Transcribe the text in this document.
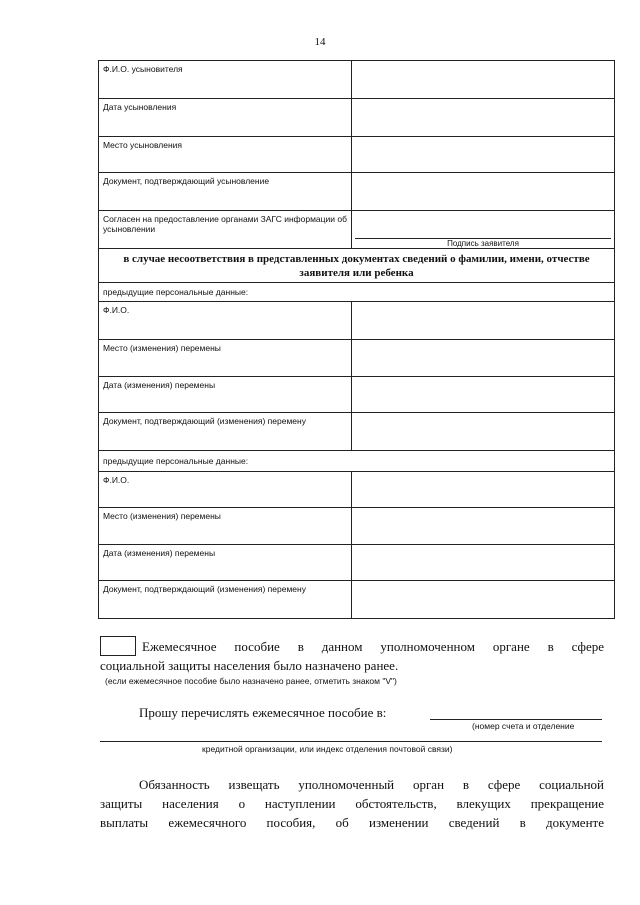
14
Ф.И.О. усыновителя	
Дата усыновления	
Место усыновления	
Документ, подтверждающий усыновление	
Согласен на предоставление органами ЗАГС информации об усыновлении	Подпись заявителя

в случае несоответствия в представленных документах сведений о фамилии, имени, отчестве заявителя или ребенка	
предыдущие персональные данные:	
Ф.И.О.	
Место (изменения) перемены	
Дата (изменения) перемены	
Документ, подтверждающий (изменения) перемену	
предыдущие персональные данные:	
Ф.И.О.	
Место (изменения) перемены	
Дата (изменения) перемены	
Документ, подтверждающий (изменения) перемену	
Ежемесячное пособие в данном уполномоченном органе в сфере
социальной защиты населения было назначено ранее.
(если ежемесячное пособие было назначено ранее, отметить знаком "V")
Прошу перечислять ежемесячное пособие в:
(номер счета и отделение
кредитной организации, или индекс отделения почтовой связи)
Обязанность извещать уполномоченный орган в сфере социальной
защиты населения о наступлении обстоятельств, влекущих прекращение
выплаты ежемесячного пособия, об изменении сведений в документе
